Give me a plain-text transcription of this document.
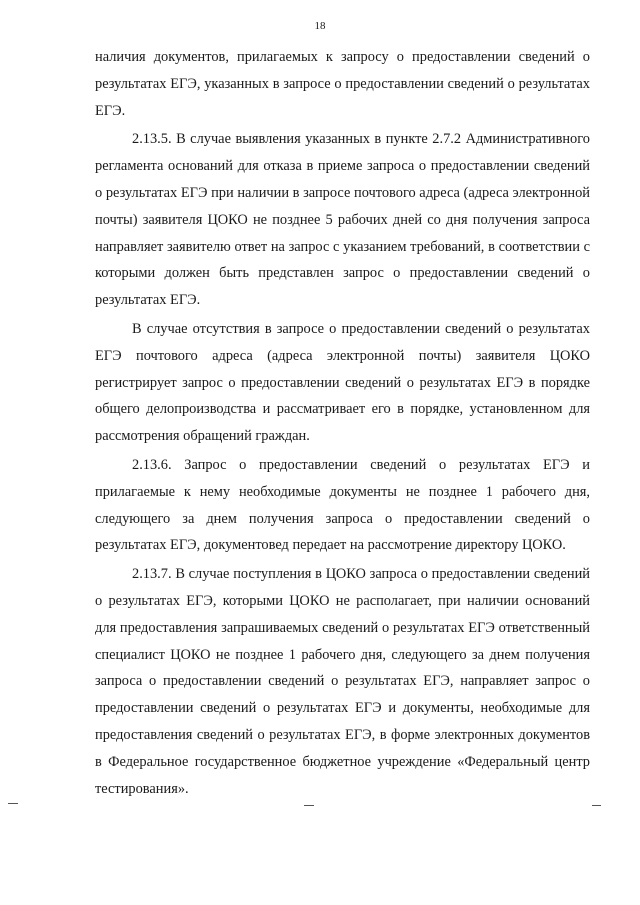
18

наличия документов, прилагаемых к запросу о предоставлении сведений о результатах ЕГЭ, указанных в запросе о предоставлении сведений о результатах ЕГЭ.

2.13.5. В случае выявления указанных в пункте 2.7.2 Административного регламента оснований для отказа в приеме запроса о предоставлении сведений о результатах ЕГЭ при наличии в запросе почтового адреса (адреса электронной почты) заявителя ЦОКО не позднее 5 рабочих дней со дня получения запроса направляет заявителю ответ на запрос с указанием требований, в соответствии с которыми должен быть представлен запрос о предоставлении сведений о результатах ЕГЭ.

В случае отсутствия в запросе о предоставлении сведений о результатах ЕГЭ почтового адреса (адреса электронной почты) заявителя ЦОКО регистрирует запрос о предоставлении сведений о результатах ЕГЭ в порядке общего делопроизводства и рассматривает его в порядке, установленном для рассмотрения обращений граждан.

2.13.6. Запрос о предоставлении сведений о результатах ЕГЭ и прилагаемые к нему необходимые документы не позднее 1 рабочего дня, следующего за днем получения запроса о предоставлении сведений о результатах ЕГЭ, документовед передает на рассмотрение директору ЦОКО.

2.13.7. В случае поступления в ЦОКО запроса о предоставлении сведений о результатах ЕГЭ, которыми ЦОКО не располагает, при наличии оснований для предоставления запрашиваемых сведений о результатах ЕГЭ ответственный специалист ЦОКО не позднее 1 рабочего дня, следующего за днем получения запроса о предоставлении сведений о результатах ЕГЭ, направляет запрос о предоставлении сведений о результатах ЕГЭ и документы, необходимые для предоставления сведений о результатах ЕГЭ, в форме электронных документов в Федеральное государственное бюджетное учреждение «Федеральный центр тестирования».
